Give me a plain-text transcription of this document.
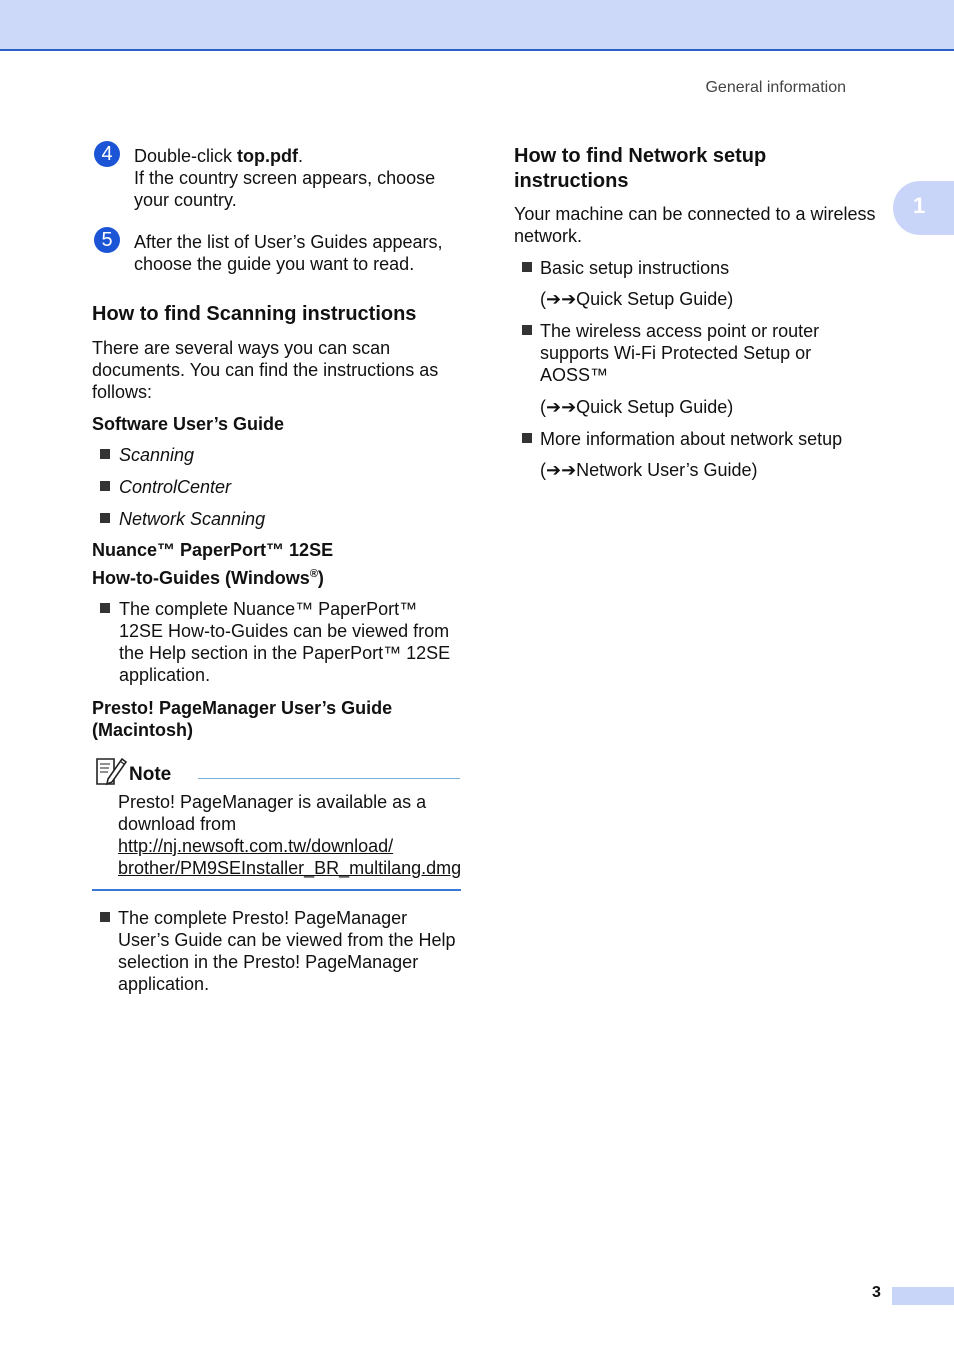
General information
1
4	Double-click top.pdf.
If the country screen appears, choose
your country.
5	After the list of User’s Guides appears,
choose the guide you want to read.
How to find Scanning instructions
There are several ways you can scan
documents. You can find the instructions as
follows:
Software User’s Guide
Scanning
ControlCenter
Network Scanning
Nuance™ PaperPort™ 12SE
How-to-Guides (Windows®)
The complete Nuance™ PaperPort™
12SE How-to-Guides can be viewed from
the Help section in the PaperPort™ 12SE
application.
Presto! PageManager User’s Guide
(Macintosh)
Note
Presto! PageManager is available as a
download from
http://nj.newsoft.com.tw/download/
brother/PM9SEInstaller_BR_multilang.dmg
The complete Presto! PageManager
User’s Guide can be viewed from the Help
selection in the Presto! PageManager
application.
How to find Network setup
instructions
Your machine can be connected to a wireless
network.
Basic setup instructions
(➔➔Quick Setup Guide)
The wireless access point or router
supports Wi-Fi Protected Setup or
AOSS™
(➔➔Quick Setup Guide)
More information about network setup
(➔➔Network User’s Guide)
3
